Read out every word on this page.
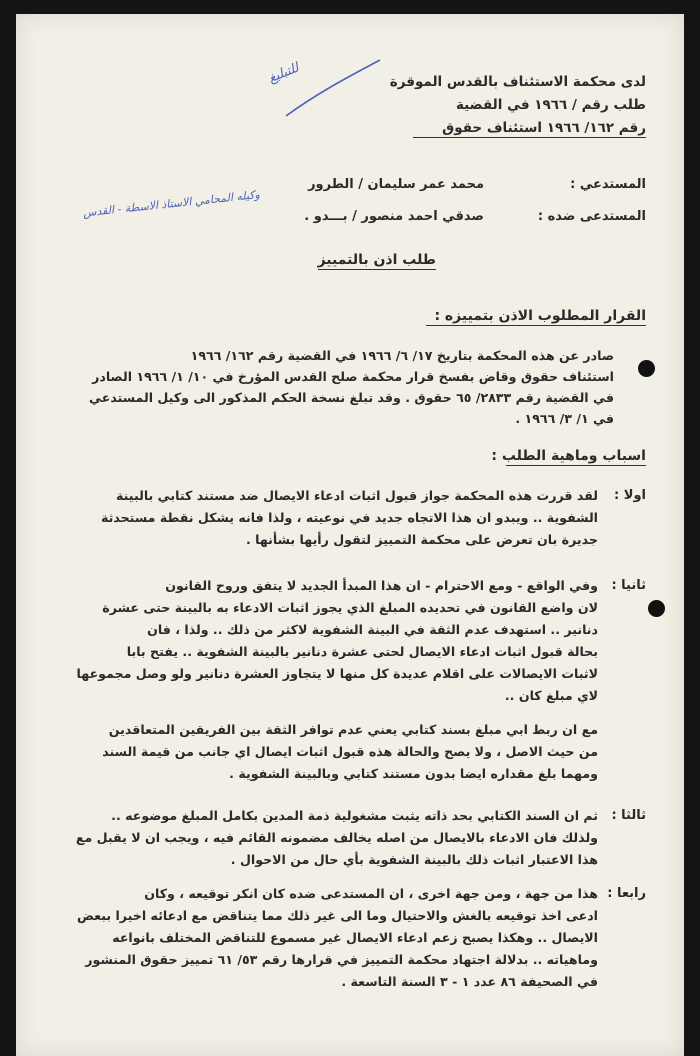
للتبليغ	لدى محكمة الاستئناف بالقدس الموقرة
طلب رقم / ١٩٦٦ في القضية
رقم ١٦٢/ ١٩٦٦ استئناف حقوق
المستدعي :
محمد عمر سليمان / الطرور
وكيله المحامي الاستاذ الاسطة - القدس	المستدعى ضده :
صدقي احمد منصور / بـــدو .
طلب اذن بالتمييز
القرار المطلوب الاذن بتمييزه :
صادر عن هذه المحكمة بتاريخ ١٧/ ٦/ ١٩٦٦ في القضية رقم ١٦٢/ ١٩٦٦
استئناف حقوق وقاض بفسخ قرار محكمة صلح القدس المؤرخ في ١٠/ ١/ ١٩٦٦ الصادر
في القضية رقم ٢٨٣٣/ ٦٥ حقوق . وقد تبلغ نسخة الحكم المذكور الى وكيل المستدعي
في ١/ ٣/ ١٩٦٦ .
اسباب وماهية الطلب :
اولا :
لقد قررت هذه المحكمة جواز قبول اثبات ادعاء الايصال ضد مستند كتابي بالبينة
الشفوية .. ويبدو ان هذا الاتجاه جديد في نوعيته ، ولذا فانه يشكل نقطة مستحدثة
جديرة بان تعرض على محكمة التمييز لتقول رأيها بشأنها .
ثانيا :
وفي الواقع - ومع الاحترام - ان هذا المبدأ الجديد لا يتفق وروح القانون
لان واضع القانون في تحديده المبلغ الذي يجوز اثبات الادعاء به بالبينة حتى عشرة
دنانير .. استهدف عدم الثقة في البينة الشفوية لاكثر من ذلك .. ولذا ، فان
بحالة قبول اثبات ادعاء الايصال لحتى عشرة دنانير بالبينة الشفوية .. يفتح بابا
لاثبات الايصالات على اقلام عديدة كل منها لا يتجاوز العشرة دنانير ولو وصل مجموعها
لاي مبلغ كان ..
مع ان ربط ابي مبلغ بسند كتابي يعني عدم توافر الثقة بين الفريقين المتعاقدين
من حيث الاصل ، ولا يصح والحالة هذه قبول اثبات ايصال اي جانب من قيمة السند
ومهما بلغ مقداره ايضا بدون مستند كتابي وبالبينة الشفوية .
ثالثا :
ثم ان السند الكتابي بحد ذاته يثبت مشغولية ذمة المدين بكامل المبلغ موضوعه ..
ولذلك فان الادعاء بالايصال من اصله يخالف مضمونه القائم فيه ، ويجب ان لا يقبل مع
هذا الاعتبار اثبات ذلك بالبينة الشفوية بأي حال من الاحوال .
رابعا :
هذا من جهة ، ومن جهة اخرى ، ان المستدعى ضده كان انكر توقيعه ، وكان
ادعى اخذ توقيعه بالغش والاحتيال وما الى غير ذلك مما يتناقض مع ادعائه اخيرا ببعض
الايصال .. وهكذا يصبح زعم ادعاء الايصال غير مسموع للتناقض المختلف بانواعه
وماهياته .. بدلالة اجتهاد محكمة التمييز في قرارها رقم ٥٣/ ٦١ تمييز حقوق المنشور
في الصحيفة ٨٦ عدد ١ - ٣ السنة التاسعة .
